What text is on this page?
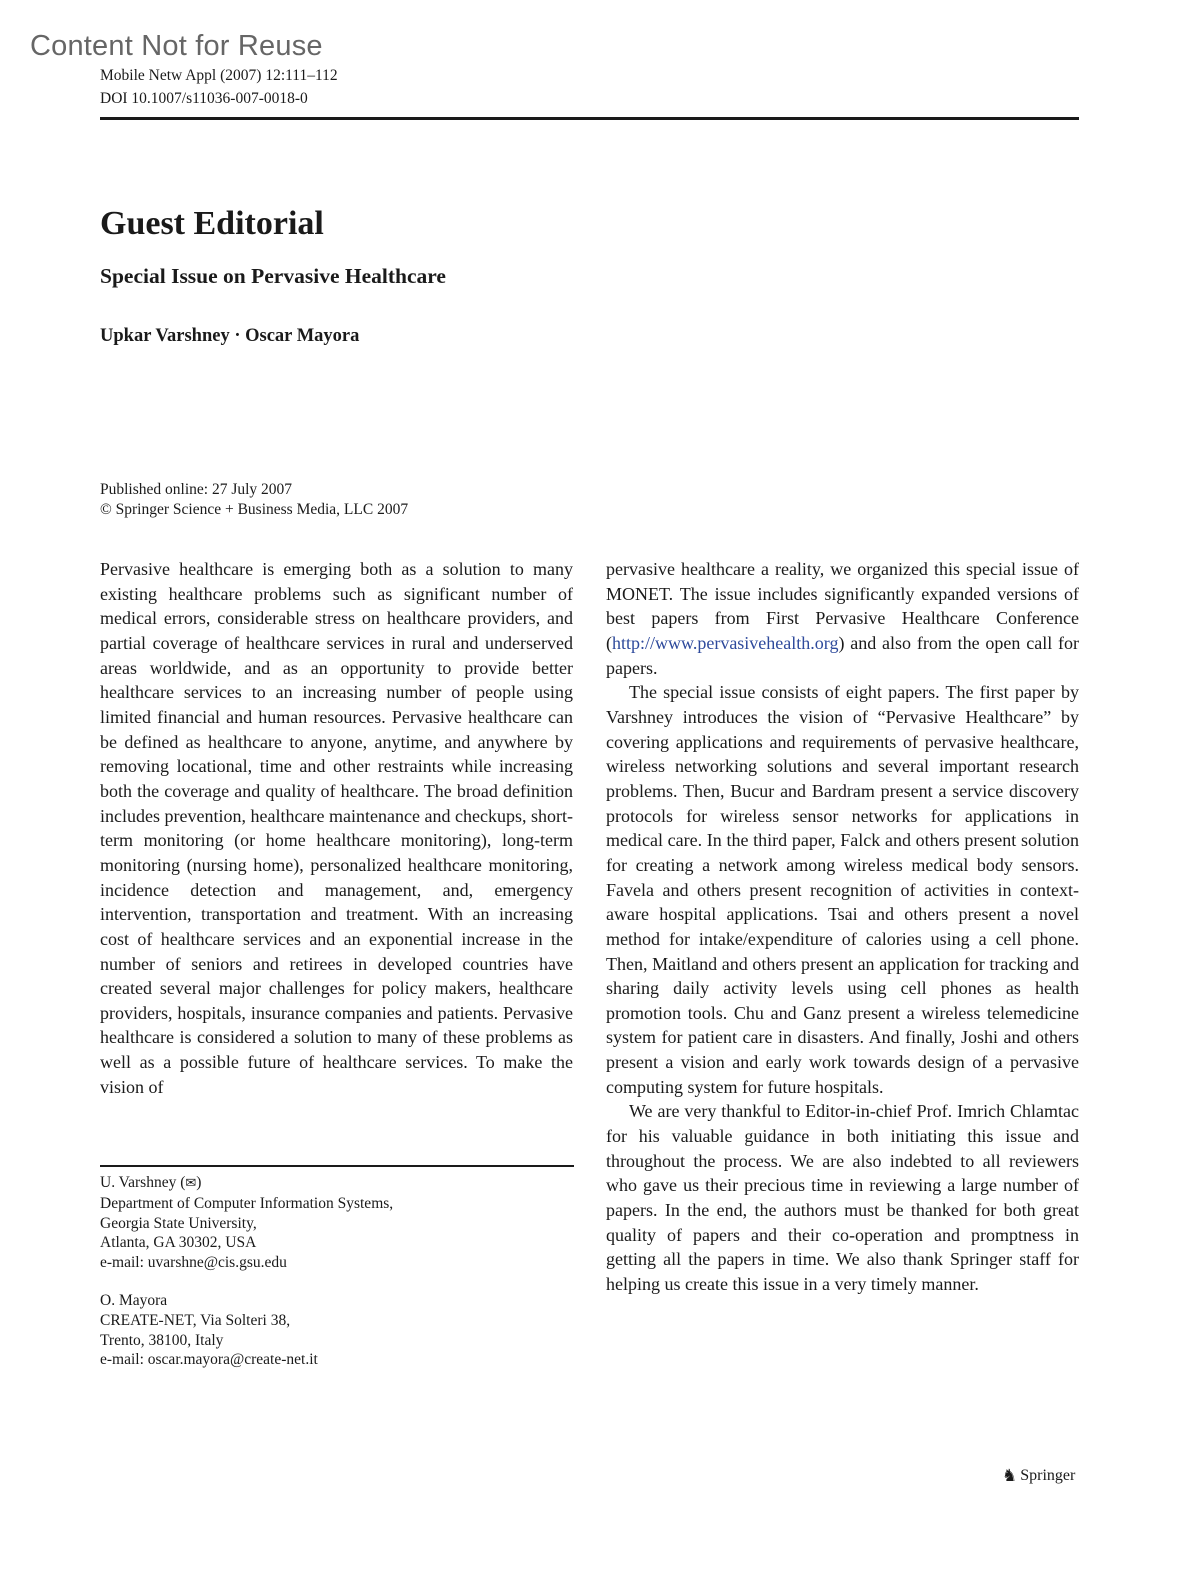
Content Not for Reuse
Mobile Netw Appl (2007) 12:111–112
DOI 10.1007/s11036-007-0018-0
Guest Editorial
Special Issue on Pervasive Healthcare
Upkar Varshney · Oscar Mayora
Published online: 27 July 2007
© Springer Science + Business Media, LLC 2007

Pervasive healthcare is emerging both as a solution to many existing healthcare problems such as significant number of medical errors, considerable stress on healthcare providers, and partial coverage of healthcare services in rural and underserved areas worldwide, and as an opportunity to provide better healthcare services to an increasing number of people using limited financial and human resources. Pervasive healthcare can be defined as healthcare to anyone, anytime, and anywhere by removing locational, time and other restraints while increasing both the coverage and quality of healthcare. The broad definition includes prevention, healthcare maintenance and checkups, short-term monitoring (or home healthcare monitoring), long-term monitoring (nursing home), personalized healthcare monitoring, incidence detection and management, and, emergency intervention, transportation and treatment. With an increasing cost of healthcare services and an exponential increase in the number of seniors and retirees in developed countries have created several major challenges for policy makers, healthcare providers, hospitals, insurance companies and patients. Pervasive healthcare is considered a solution to many of these problems as well as a possible future of healthcare services. To make the vision of

pervasive healthcare a reality, we organized this special issue of MONET. The issue includes significantly expanded versions of best papers from First Pervasive Healthcare Conference (http://www.pervasivehealth.org) and also from the open call for papers.

The special issue consists of eight papers. The first paper by Varshney introduces the vision of “Pervasive Healthcare” by covering applications and requirements of pervasive healthcare, wireless networking solutions and several important research problems. Then, Bucur and Bardram present a service discovery protocols for wireless sensor networks for applications in medical care. In the third paper, Falck and others present solution for creating a network among wireless medical body sensors. Favela and others present recognition of activities in context-aware hospital applications. Tsai and others present a novel method for intake/expenditure of calories using a cell phone. Then, Maitland and others present an application for tracking and sharing daily activity levels using cell phones as health promotion tools. Chu and Ganz present a wireless telemedicine system for patient care in disasters. And finally, Joshi and others present a vision and early work towards design of a pervasive computing system for future hospitals.

We are very thankful to Editor-in-chief Prof. Imrich Chlamtac for his valuable guidance in both initiating this issue and throughout the process. We are also indebted to all reviewers who gave us their precious time in reviewing a large number of papers. In the end, the authors must be thanked for both great quality of papers and their co-operation and promptness in getting all the papers in time. We also thank Springer staff for helping us create this issue in a very timely manner.

U. Varshney (✉)
Department of Computer Information Systems,
Georgia State University,
Atlanta, GA 30302, USA
e-mail: uvarshne@cis.gsu.edu
O. Mayora
CREATE-NET, Via Solteri 38,
Trento, 38100, Italy
e-mail: oscar.mayora@create-net.it
♞ Springer
